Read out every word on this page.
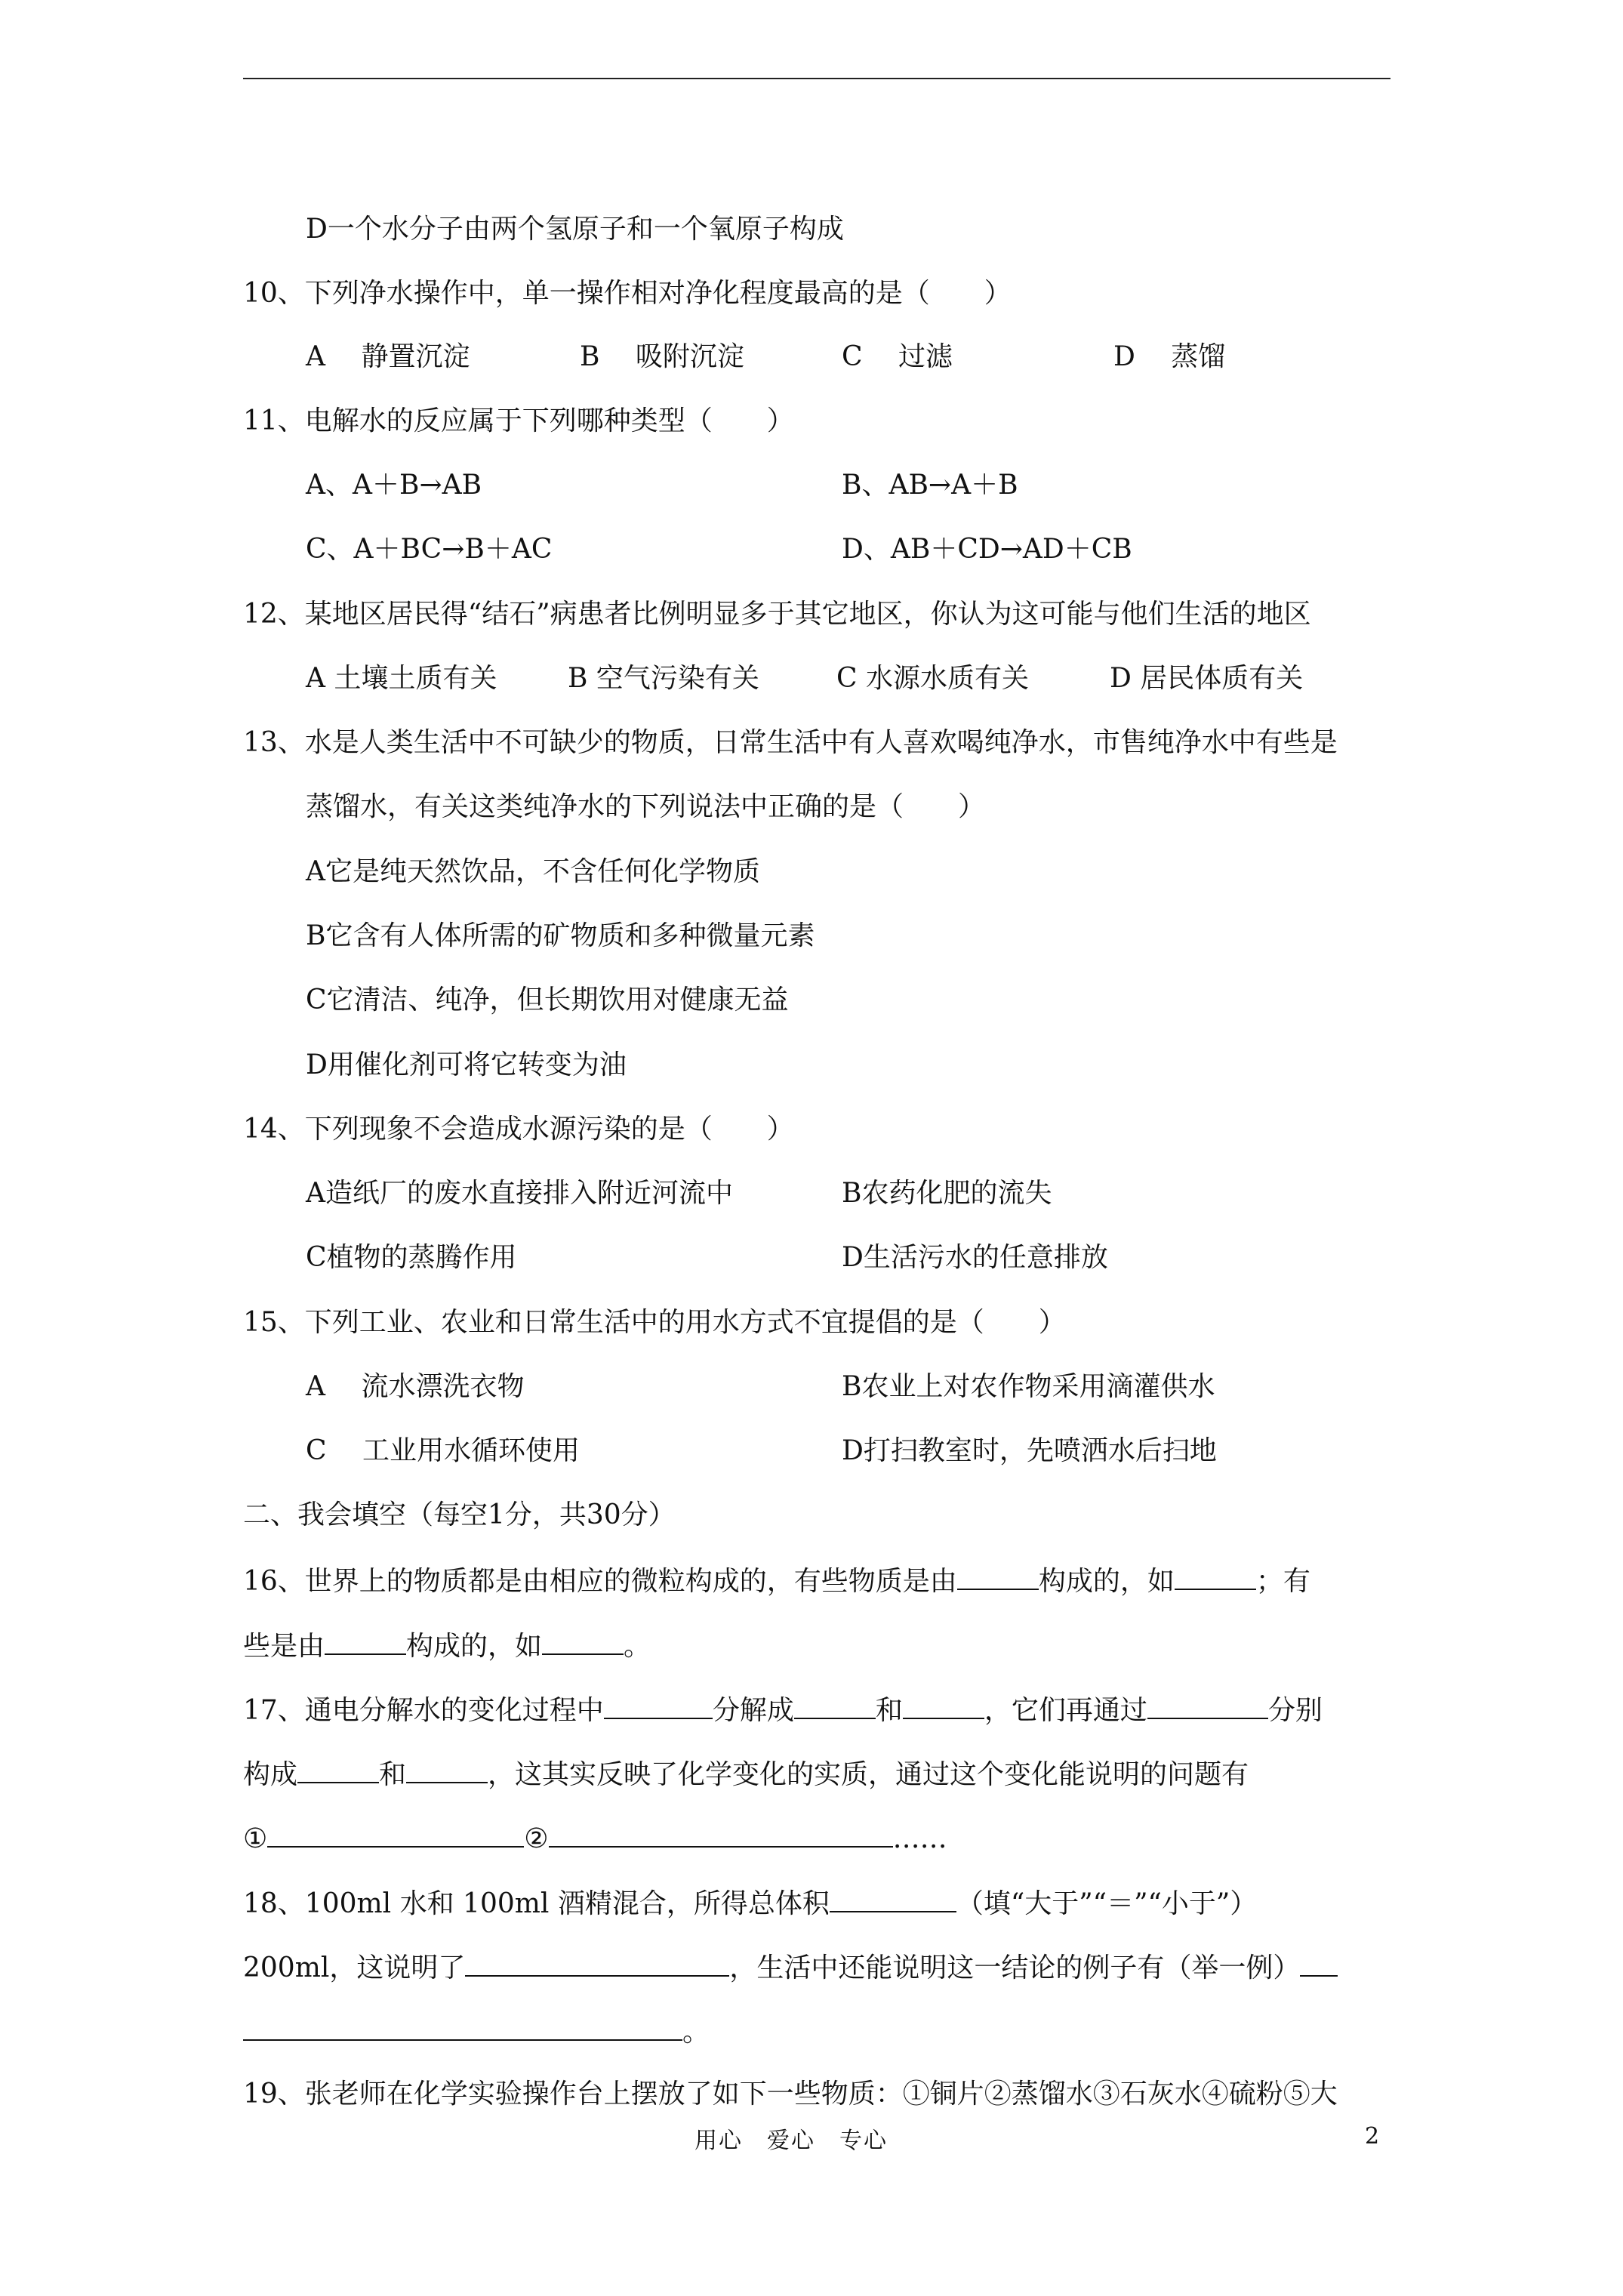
D一个水分子由两个氢原子和一个氧原子构成
10、下列净水操作中，单一操作相对净化程度最高的是（　　）
A　 静置沉淀	B　 吸附沉淀	C　 过滤	D　 蒸馏
11、电解水的反应属于下列哪种类型（　　）
A、A＋B→AB	B、AB→A＋B
C、A＋BC→B＋AC	D、AB＋CD→AD＋CB
12、某地区居民得“结石”病患者比例明显多于其它地区，你认为这可能与他们生活的地区
A 土壤土质有关	B 空气污染有关	C 水源水质有关	D 居民体质有关
13、水是人类生活中不可缺少的物质，日常生活中有人喜欢喝纯净水，市售纯净水中有些是
蒸馏水，有关这类纯净水的下列说法中正确的是（　　）
A它是纯天然饮品，不含任何化学物质
B它含有人体所需的矿物质和多种微量元素
C它清洁、纯净，但长期饮用对健康无益
D用催化剂可将它转变为油
14、下列现象不会造成水源污染的是（　　）
A造纸厂的废水直接排入附近河流中	B农药化肥的流失
C植物的蒸腾作用	D生活污水的任意排放
15、下列工业、农业和日常生活中的用水方式不宜提倡的是（　　）
A　 流水漂洗衣物	B农业上对农作物采用滴灌供水
C　 工业用水循环使用	D打扫教室时，先喷洒水后扫地
二、我会填空（每空1分，共30分）
16、世界上的物质都是由相应的微粒构成的，有些物质是由	构成的，如	；有
些是由	构成的，如	。
17、通电分解水的变化过程中	分解成	和	，它们再通过	分别
构成	和	，这其实反映了化学变化的实质，通过这个变化能说明的问题有
①	②	……
18、100ml 水和 100ml 酒精混合，所得总体积	（填“大于”“＝”“小于”）
200ml，这说明了	，生活中还能说明这一结论的例子有（举一例）
。
19、张老师在化学实验操作台上摆放了如下一些物质：①铜片②蒸馏水③石灰水④硫粉⑤大
用心　爱心　专心	2
